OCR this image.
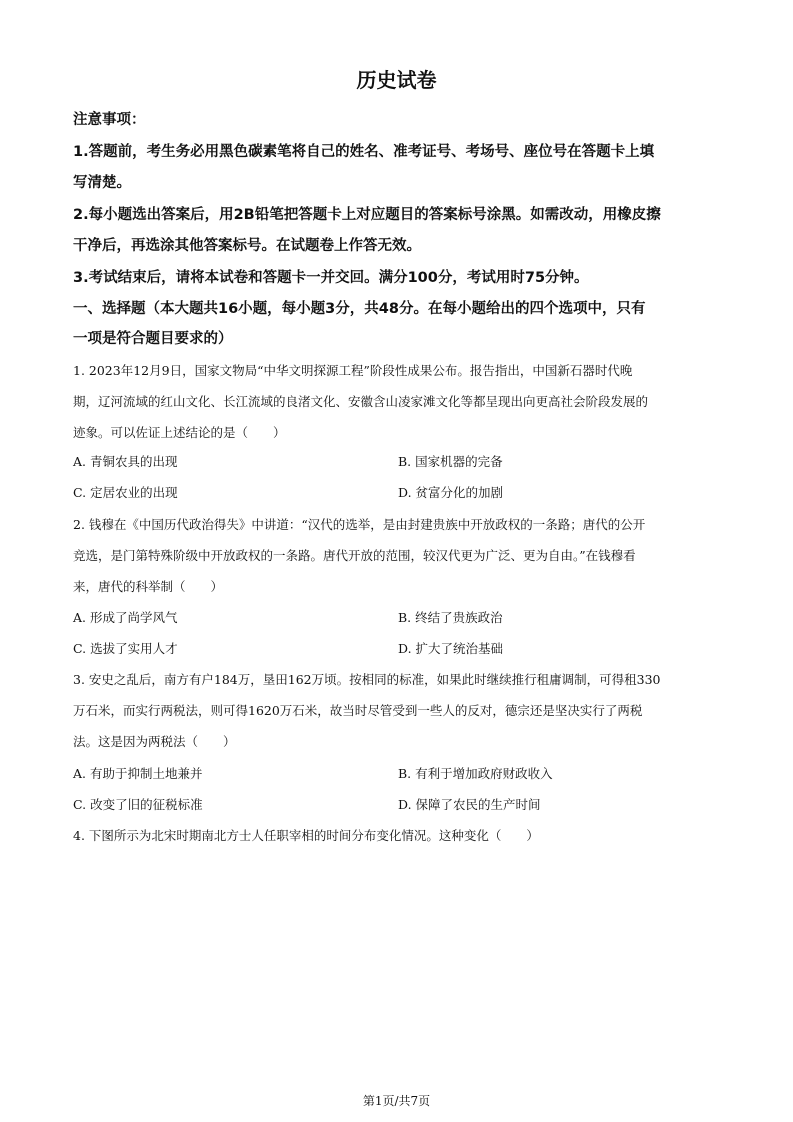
历史试卷
注意事项：
1.答题前，考生务必用黑色碳素笔将自己的姓名、准考证号、考场号、座位号在答题卡上填
写清楚。
2.每小题选出答案后，用2B铅笔把答题卡上对应题目的答案标号涂黑。如需改动，用橡皮擦
干净后，再选涂其他答案标号。在试题卷上作答无效。
3.考试结束后，请将本试卷和答题卡一并交回。满分100分，考试用时75分钟。
一、选择题（本大题共16小题，每小题3分，共48分。在每小题给出的四个选项中，只有
一项是符合题目要求的）
1. 2023年12月9日，国家文物局“中华文明探源工程”阶段性成果公布。报告指出，中国新石器时代晚
期，辽河流域的红山文化、长江流域的良渚文化、安徽含山凌家滩文化等都呈现出向更高社会阶段发展的
迹象。可以佐证上述结论的是（　　）
A. 青铜农具的出现	B. 国家机器的完备
C. 定居农业的出现	D. 贫富分化的加剧
2. 钱穆在《中国历代政治得失》中讲道：“汉代的选举，是由封建贵族中开放政权的一条路；唐代的公开
竞选，是门第特殊阶级中开放政权的一条路。唐代开放的范围，较汉代更为广泛、更为自由。”在钱穆看
来，唐代的科举制（　　）
A. 形成了尚学风气	B. 终结了贵族政治
C. 选拔了实用人才	D. 扩大了统治基础
3. 安史之乱后，南方有户184万，垦田162万顷。按相同的标准，如果此时继续推行租庸调制，可得租330
万石米，而实行两税法，则可得1620万石米，故当时尽管受到一些人的反对，德宗还是坚决实行了两税
法。这是因为两税法（　　）
A. 有助于抑制土地兼并	B. 有利于增加政府财政收入
C. 改变了旧的征税标准	D. 保障了农民的生产时间
4. 下图所示为北宋时期南北方士人任职宰相的时间分布变化情况。这种变化（　　）
第1页/共7页
